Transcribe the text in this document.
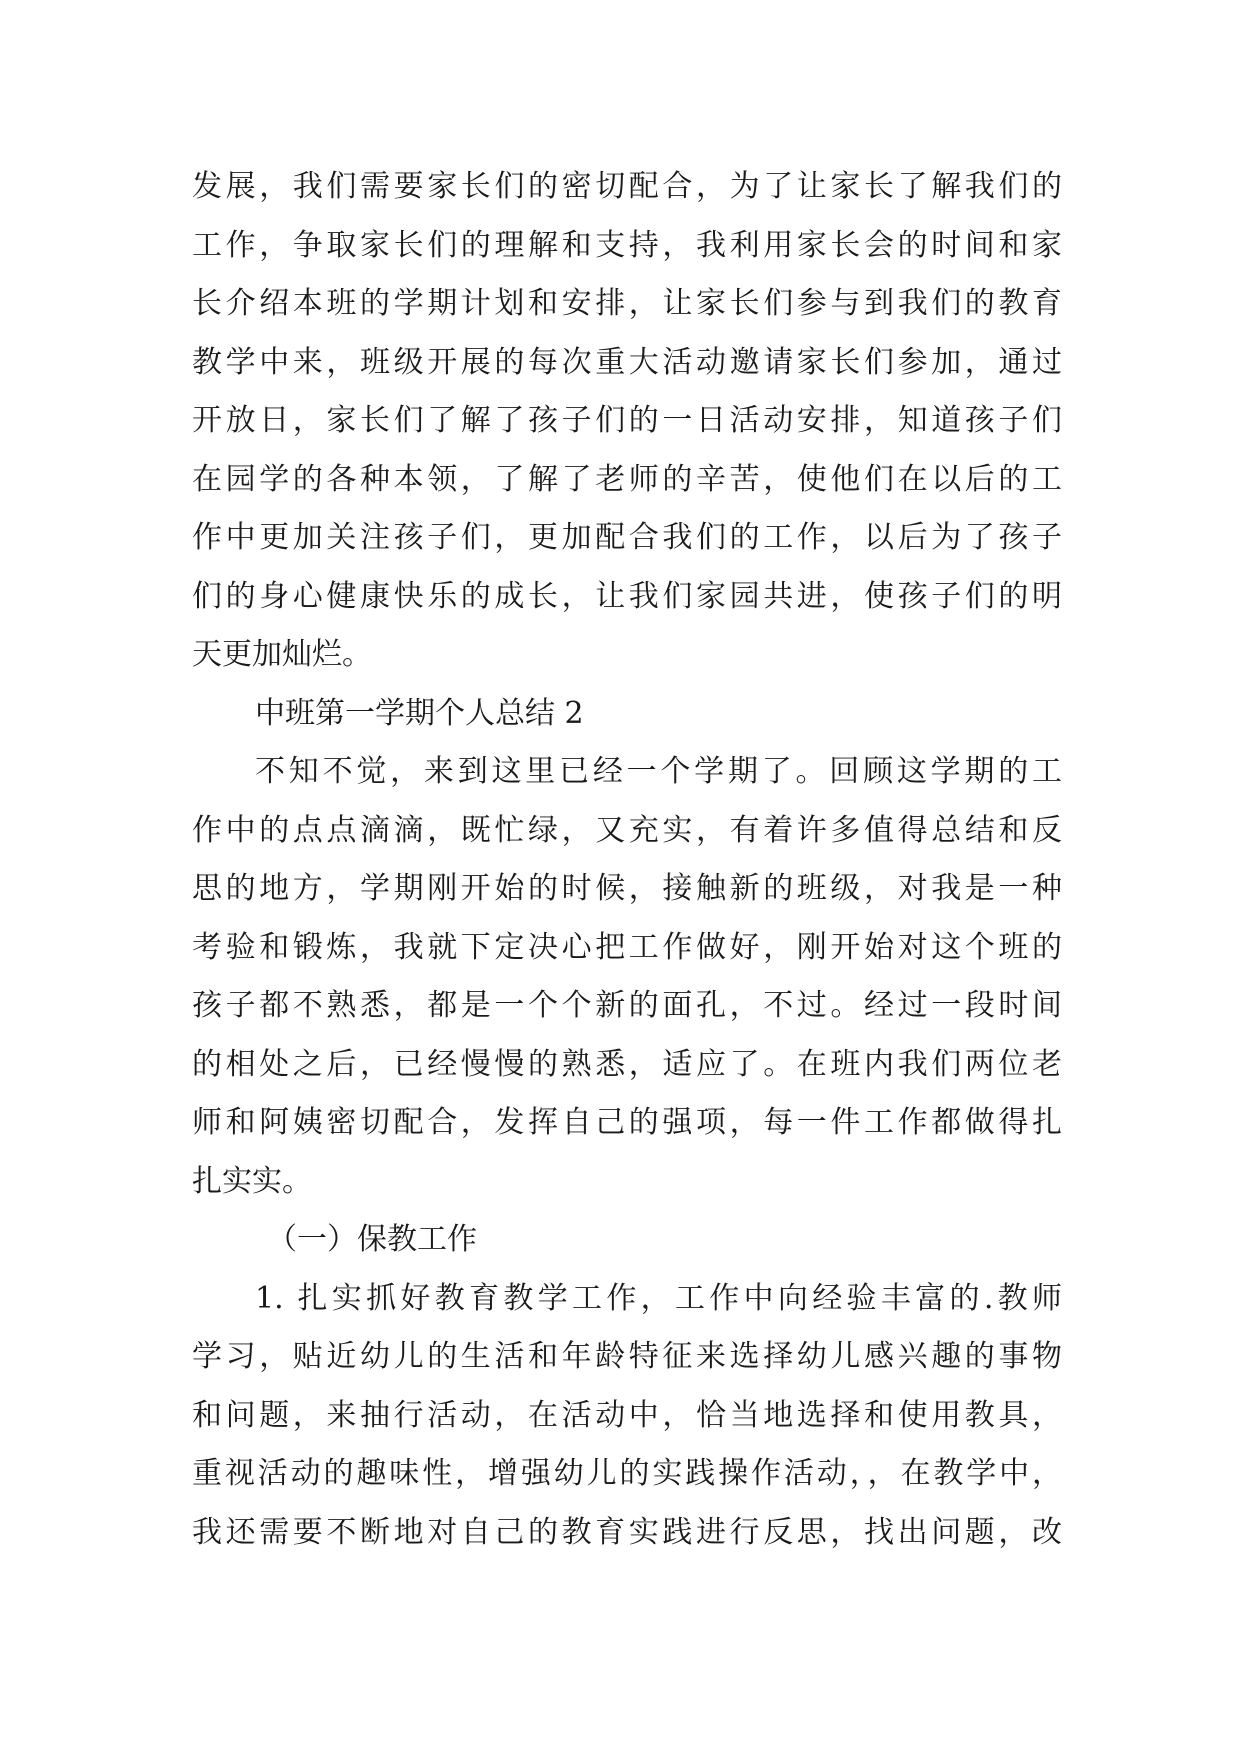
发展，我们需要家长们的密切配合，为了让家长了解我们的
工作，争取家长们的理解和支持，我利用家长会的时间和家
长介绍本班的学期计划和安排，让家长们参与到我们的教育
教学中来，班级开展的每次重大活动邀请家长们参加，通过
开放日，家长们了解了孩子们的一日活动安排，知道孩子们
在园学的各种本领，了解了老师的辛苦，使他们在以后的工
作中更加关注孩子们，更加配合我们的工作，以后为了孩子
们的身心健康快乐的成长，让我们家园共进，使孩子们的明
天更加灿烂。
中班第一学期个人总结 2
不知不觉，来到这里已经一个学期了。回顾这学期的工
作中的点点滴滴，既忙绿，又充实，有着许多值得总结和反
思的地方，学期刚开始的时候，接触新的班级，对我是一种
考验和锻炼，我就下定决心把工作做好，刚开始对这个班的
孩子都不熟悉，都是一个个新的面孔，不过。经过一段时间
的相处之后，已经慢慢的熟悉，适应了。在班内我们两位老
师和阿姨密切配合，发挥自己的强项，每一件工作都做得扎
扎实实。
（一）保教工作
1. 扎实抓好教育教学工作，工作中向经验丰富的.教师
学习，贴近幼儿的生活和年龄特征来选择幼儿感兴趣的事物
和问题，来抽行活动，在活动中，恰当地选择和使用教具，
重视活动的趣味性，增强幼儿的实践操作活动，，在教学中，
我还需要不断地对自己的教育实践进行反思，找出问题，改
